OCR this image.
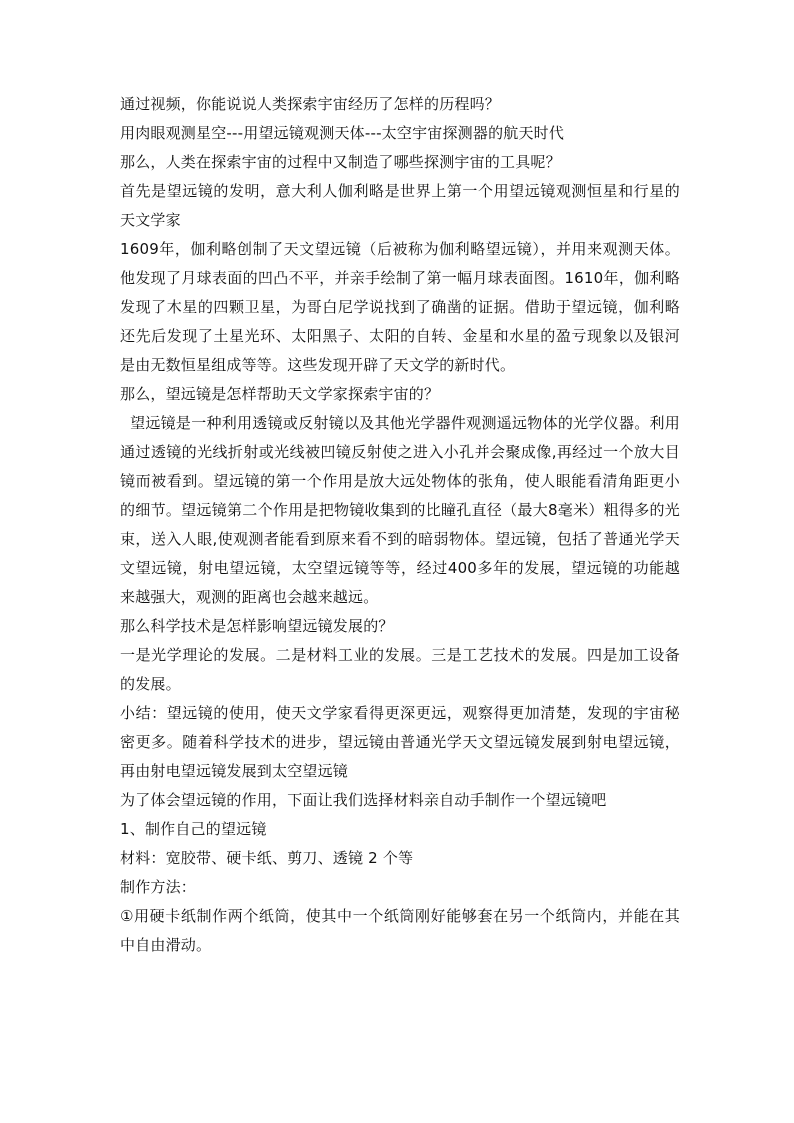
通过视频，你能说说人类探索宇宙经历了怎样的历程吗？

用肉眼观测星空---用望远镜观测天体---太空宇宙探测器的航天时代

那么，人类在探索宇宙的过程中又制造了哪些探测宇宙的工具呢？

首先是望远镜的发明，意大利人伽利略是世界上第一个用望远镜观测恒星和行星的天文学家

1609年，伽利略创制了天文望远镜（后被称为伽利略望远镜），并用来观测天体。他发现了月球表面的凹凸不平，并亲手绘制了第一幅月球表面图。1610年，伽利略发现了木星的四颗卫星，为哥白尼学说找到了确凿的证据。借助于望远镜，伽利略还先后发现了土星光环、太阳黑子、太阳的自转、金星和水星的盈亏现象以及银河是由无数恒星组成等等。这些发现开辟了天文学的新时代。

那么，望远镜是怎样帮助天文学家探索宇宙的？

望远镜是一种利用透镜或反射镜以及其他光学器件观测遥远物体的光学仪器。利用通过透镜的光线折射或光线被凹镜反射使之进入小孔并会聚成像,再经过一个放大目镜而被看到。望远镜的第一个作用是放大远处物体的张角，使人眼能看清角距更小的细节。望远镜第二个作用是把物镜收集到的比瞳孔直径（最大8毫米）粗得多的光束，送入人眼,使观测者能看到原来看不到的暗弱物体。望远镜，包括了普通光学天文望远镜，射电望远镜，太空望远镜等等，经过400多年的发展，望远镜的功能越来越强大，观测的距离也会越来越远。

那么科学技术是怎样影响望远镜发展的？

一是光学理论的发展。二是材料工业的发展。三是工艺技术的发展。四是加工设备的发展。

小结：望远镜的使用，使天文学家看得更深更远，观察得更加清楚，发现的宇宙秘密更多。随着科学技术的进步，望远镜由普通光学天文望远镜发展到射电望远镜，再由射电望远镜发展到太空望远镜

为了体会望远镜的作用，下面让我们选择材料亲自动手制作一个望远镜吧

1、制作自己的望远镜

材料：宽胶带、硬卡纸、剪刀、透镜 2 个等

制作方法：

①用硬卡纸制作两个纸筒，使其中一个纸筒刚好能够套在另一个纸筒内，并能在其中自由滑动。
